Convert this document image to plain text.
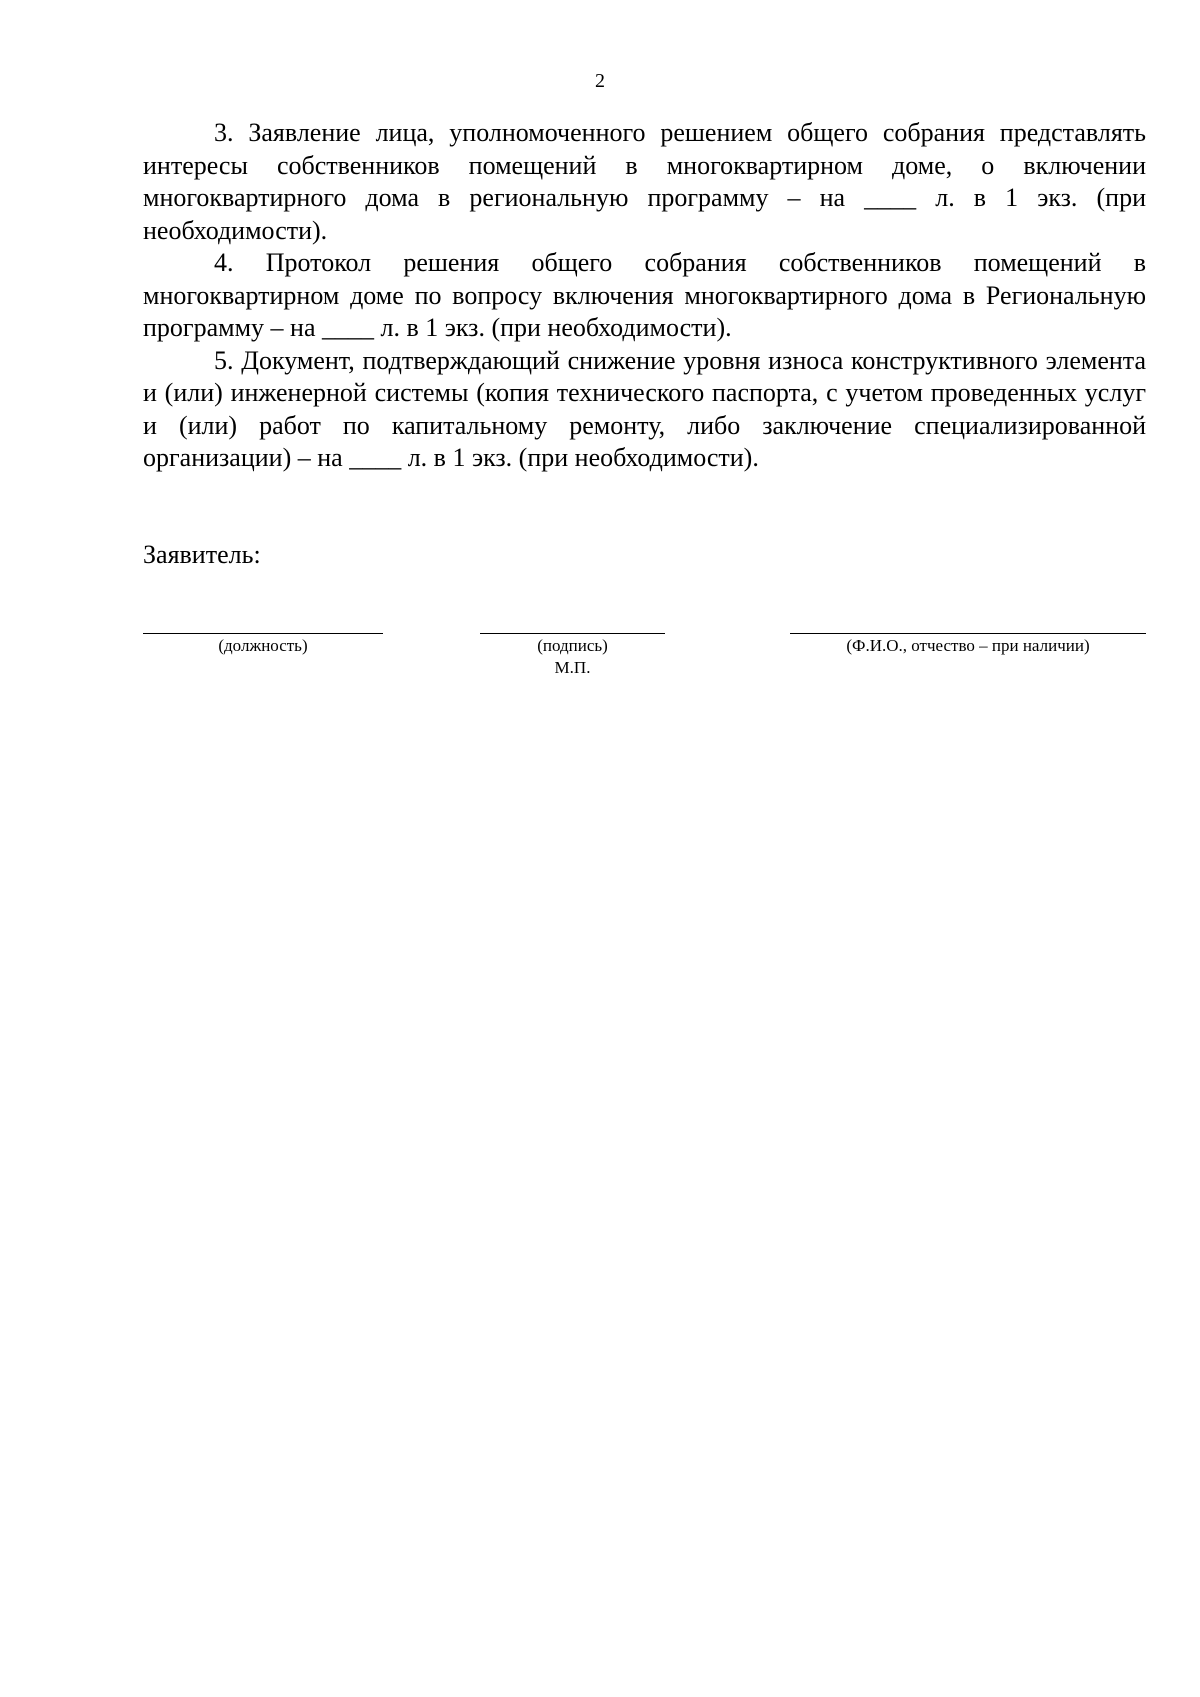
2

3. Заявление лица, уполномоченного решением общего собрания представлять интересы собственников помещений в многоквартирном доме, о включении многоквартирного дома в региональную программу – на ____ л. в 1 экз. (при необходимости).

4. Протокол решения общего собрания собственников помещений в многоквартирном доме по вопросу включения многоквартирного дома в Региональную программу – на ____ л. в 1 экз. (при необходимости).

5. Документ, подтверждающий снижение уровня износа конструктивного элемента и (или) инженерной системы (копия технического паспорта, с учетом проведенных услуг и (или) работ по капитальному ремонту, либо заключение специализированной организации) – на ____ л. в 1 экз. (при необходимости).

Заявитель:
(должность)	(подпись)
М.П.
(Ф.И.О., отчество – при наличии)
